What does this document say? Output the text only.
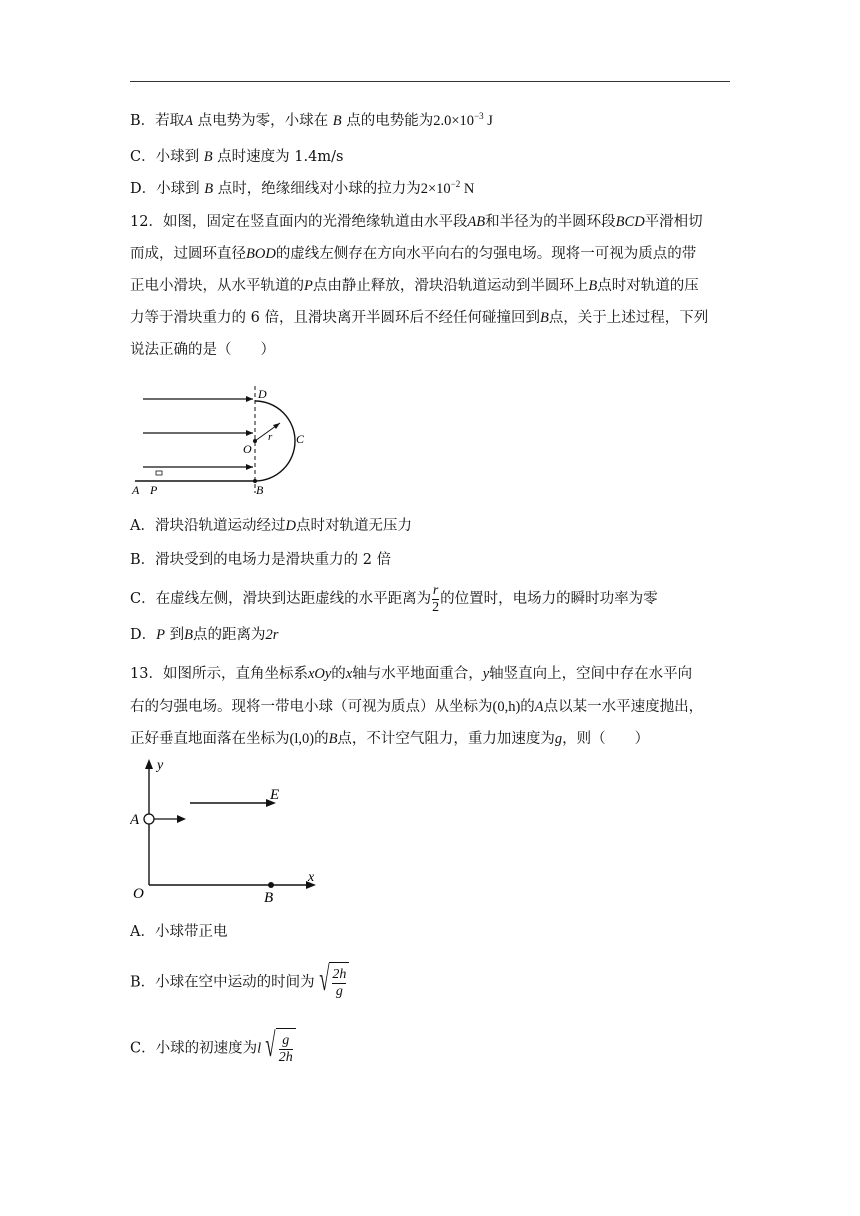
B．若取A 点电势为零，小球在 B 点的电势能为$2.0\times 10^{-3}$ J
C．小球到 B 点时速度为 1.4m/s
D．小球到 B 点时，绝缘细线对小球的拉力为$2\times 10^{-2}$ N
12．如图，固定在竖直面内的光滑绝缘轨道由水平段AB和半径为的半圆环段BCD平滑相切
而成，过圆环直径BOD的虚线左侧存在方向水平向右的匀强电场。现将一可视为质点的带
正电小滑块，从水平轨道的P点由静止释放，滑块沿轨道运动到半圆环上B点时对轨道的压
力等于滑块重力的 6 倍，且滑块离开半圆环后不经任何碰撞回到B点，关于上述过程，下列
说法正确的是（　　）
D
O
r C
A P	B
A．滑块沿轨道运动经过D点时对轨道无压力
B．滑块受到的电场力是滑块重力的 2 倍
C．在虚线左侧，滑块到达距虚线的水平距离为 $\frac{r}{2}$ 的位置时，电场力的瞬时功率为零
D．P 到B点的距离为2r
13．如图所示，直角坐标系xOy的x轴与水平地面重合，y轴竖直向上，空间中存在水平向
右的匀强电场。现将一带电小球（可视为质点）从坐标为(0,h)的A点以某一水平速度抛出，
正好垂直地面落在坐标为(l,0)的B点，不计空气阻力，重力加速度为g，则（　　）
y
E
A
O	B
x
A．小球带正电
B．小球在空中运动的时间为 √ $\frac{2h}{g}$
C．小球的初速度为l √ $\frac{g}{2h}$
